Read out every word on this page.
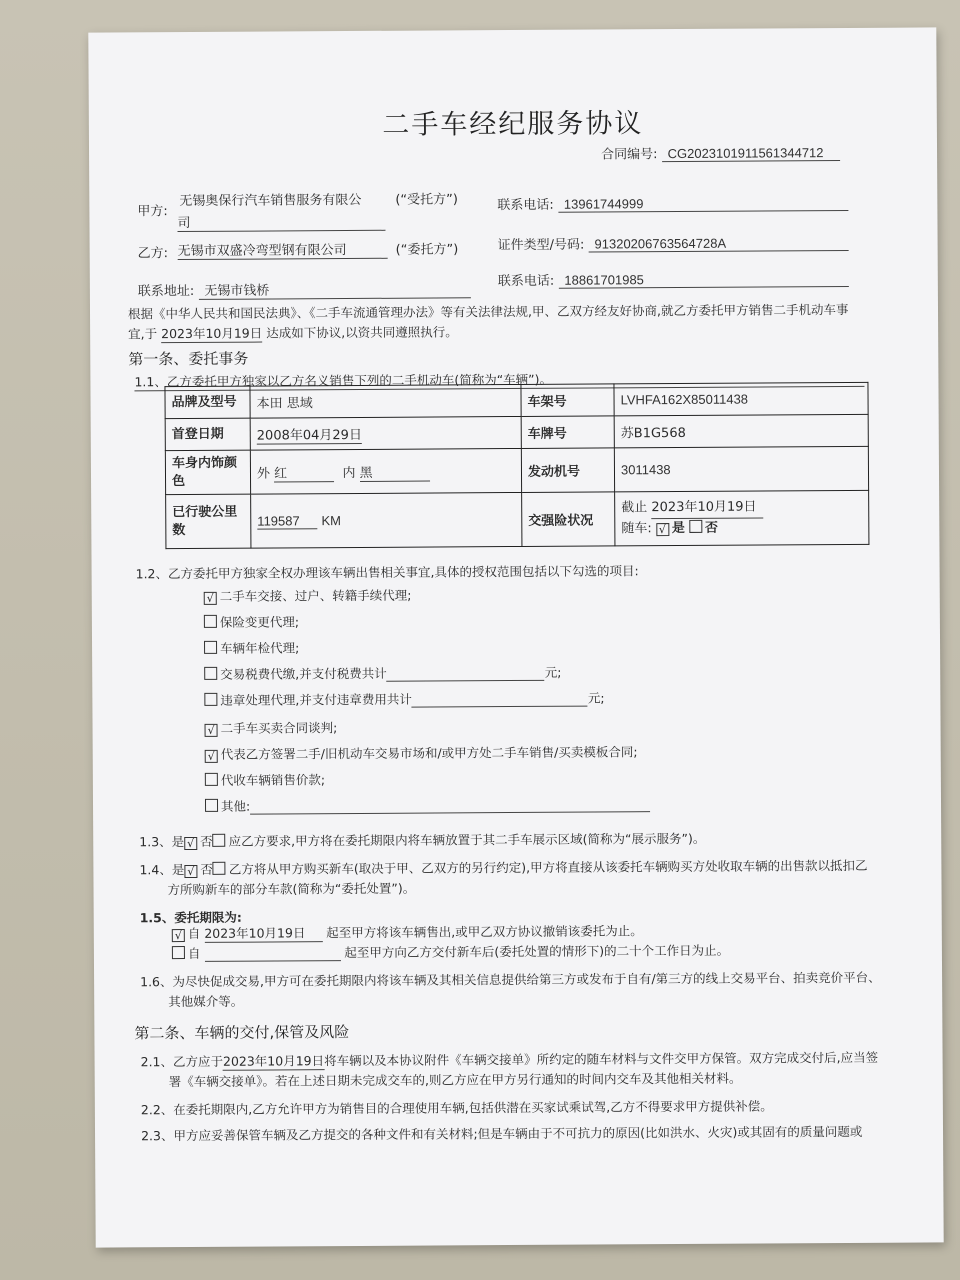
二手车经纪服务协议
合同编号: CG20231019115613447​12
甲方:
无锡奥保行汽车销售服务有限公
司
(“受托方”)	联系电话: 13961744999
乙方: 无锡市双盛冷弯型钢有限公司	(“委托方”)	证件类型/号码: 91320206763564728A
联系地址: 无锡市钱桥
联系电话: 18861701985
根据《中华人民共和国民法典》、《二手车流通管理办法》等有关法律法规,甲、乙双方经友好协商,就乙方委托甲方销售二手机动车事
宜,于 2023年10月19日 达成如下协议,以资共同遵照执行。
第一条、委托事务
1.1、乙方委托甲方独家以乙方名义销售下列的二手机动车(简称为“车辆”)。
品牌及型号	本田 思域	车架号	LVHFA162X85011438
首登日期	2008年04月29日	车牌号	苏B1G568
车身内饰颜色	外 红 内 黑	发动机号	3011438
已行驶公里数	119587 KM	交强险状况	截止 2023年10月19日
随车: √ 是 否
1.2、乙方委托甲方独家全权办理该车辆出售相关事宜,具体的授权范围包括以下勾选的项目:
√ 二手车交接、过户、转籍手续代理;
保险变更代理;
车辆年检代理;
交易税费代缴,并支付税费共计	元;
违章处理代理,并支付违章费用共计	元;
√ 二手车买卖合同谈判;
√ 代表乙方签署二手/旧机动车交易市场和/或甲方处二手车销售/买卖模板合同;
代收车辆销售价款;
其他:
1.3、是 √ 否 应乙方要求,甲方将在委托期限内将车辆放置于其二手车展示区域(简称为“展示服务”)。
1.4、是 √ 否 乙方将从甲方购买新车(取决于甲、乙双方的另行约定),甲方将直接从该委托车辆购买方处收取车辆的出售款以抵扣乙
方所购新车的部分车款(简称为“委托处置”)。
1.5、委托期限为:
√ 自 2023年10月19日 起至甲方将该车辆售出,或甲乙双方协议撤销该委托为止。
自	起至甲方向乙方交付新车后(委托处置的情形下)的二十个工作日为止。
1.6、为尽快促成交易,甲方可在委托期限内将该车辆及其相关信息提供给第三方或发布于自有/第三方的线上交易平台、拍卖竞价平台、
其他媒介等。
第二条、车辆的交付,保管及风险
2.1、乙方应于2023年10月19日将车辆以及本协议附件《车辆交接单》所约定的随车材料与文件交甲方保管。双方完成交付后,应当签
署《车辆交接单》。若在上述日期未完成交车的,则乙方应在甲方另行通知的时间内交车及其他相关材料。
2.2、在委托期限内,乙方允许甲方为销售目的合理使用车辆,包括供潜在买家试乘试驾,乙方不得要求甲方提供补偿。
2.3、甲方应妥善保管车辆及乙方提交的各种文件和有关材料;但是车辆由于不可抗力的原因(比如洪水、火灾)或其固有的质量问题或
